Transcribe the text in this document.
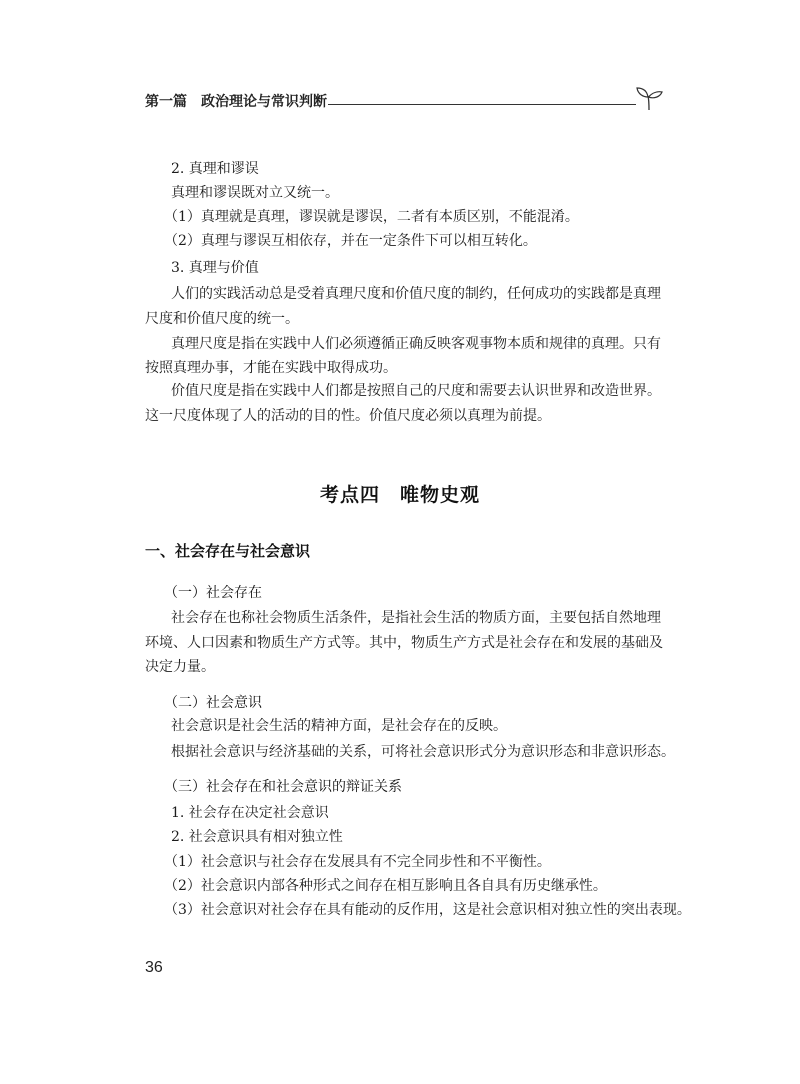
第一篇 政治理论与常识判断
2. 真理和谬误
真理和谬误既对立又统一。
（1）真理就是真理，谬误就是谬误，二者有本质区别，不能混淆。
（2）真理与谬误互相依存，并在一定条件下可以相互转化。
3. 真理与价值
人们的实践活动总是受着真理尺度和价值尺度的制约，任何成功的实践都是真理
尺度和价值尺度的统一。
真理尺度是指在实践中人们必须遵循正确反映客观事物本质和规律的真理。只有
按照真理办事，才能在实践中取得成功。
价值尺度是指在实践中人们都是按照自己的尺度和需要去认识世界和改造世界。
这一尺度体现了人的活动的目的性。价值尺度必须以真理为前提。
考点四　唯物史观
一、社会存在与社会意识
（一）社会存在
社会存在也称社会物质生活条件，是指社会生活的物质方面，主要包括自然地理
环境、人口因素和物质生产方式等。其中，物质生产方式是社会存在和发展的基础及
决定力量。
（二）社会意识
社会意识是社会生活的精神方面，是社会存在的反映。
根据社会意识与经济基础的关系，可将社会意识形式分为意识形态和非意识形态。
（三）社会存在和社会意识的辩证关系
1. 社会存在决定社会意识
2. 社会意识具有相对独立性
（1）社会意识与社会存在发展具有不完全同步性和不平衡性。
（2）社会意识内部各种形式之间存在相互影响且各自具有历史继承性。
（3）社会意识对社会存在具有能动的反作用，这是社会意识相对独立性的突出表现。
36
